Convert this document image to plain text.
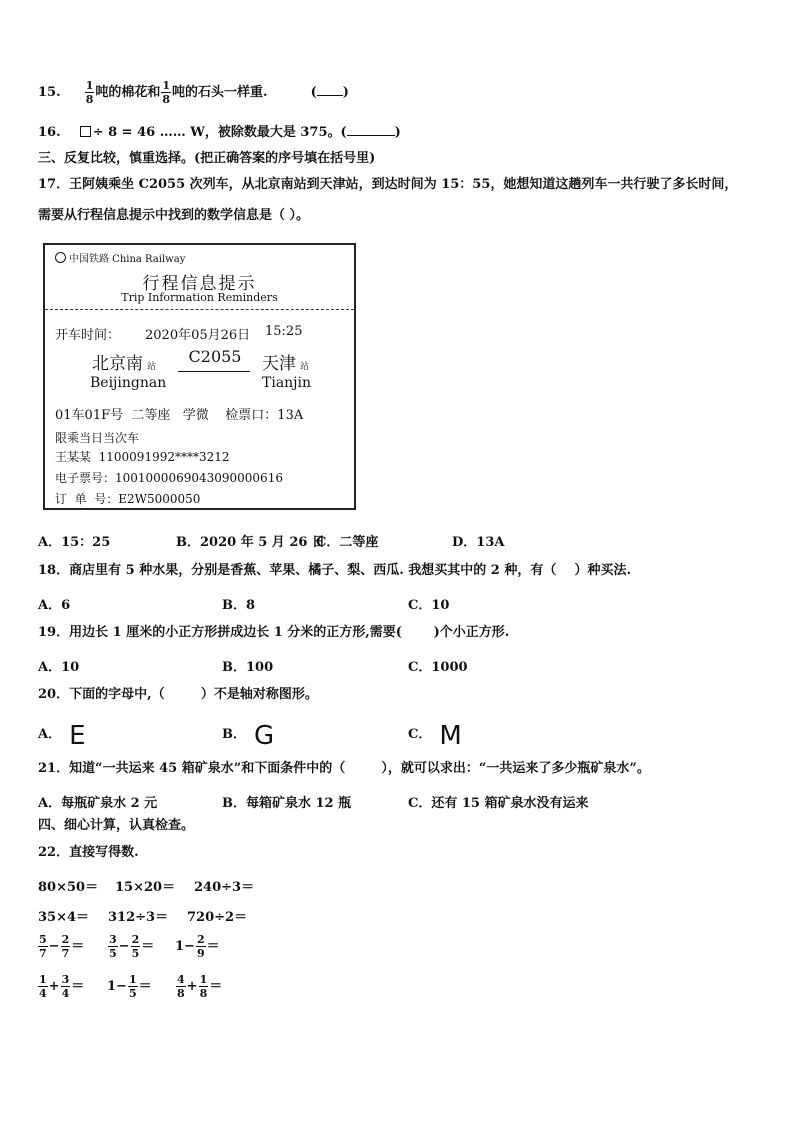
15. $\frac{1}{8}$ 吨的棉花和 $\frac{1}{8}$ 吨的石头一样重.	( )
16. ÷ 8 = 46 …… W，被除数最大是 375。(	)
三、反复比较，慎重选择。(把正确答案的序号填在括号里)
17．王阿姨乘坐 C2055 次列车，从北京南站到天津站，到达时间为 15：55，她想知道这趟列车一共行驶了多长时间，
需要从行程信息提示中找到的数学信息是（ ）。
中国铁路 China Railway
行程信息提示
Trip Information Reminders
开车时间： 2020年05月26日 15:25
北京南 站
C2055	天津 站
Beijingnan	Tianjin
01车01F号  二等座   学微    检票口：13A
限乘当日当次车
王某某  1100091992****3212
电子票号：1001000069043090000616
订  单  号：E2W5000050
A．15：25	B．2020 年 5 月 26 日
C．二等座	D．13A
18．商店里有 5 种水果，分别是香蕉、苹果、橘子、梨、西瓜. 我想买其中的 2 种，有（    ）种买法.
A．6	B．8	C．10
19．用边长 1 厘米的小正方形拼成边长 1 分米的正方形,需要(       )个小正方形.
A．10	B．100	C．1000
20．下面的字母中,（        ）不是轴对称图形。
A． E	B． G	C． M
21．知道“一共运来 45 箱矿泉水”和下面条件中的（        ），就可以求出：“一共运来了多少瓶矿泉水”。
A．每瓶矿泉水 2 元	B．每箱矿泉水 12 瓶	C．还有 15 箱矿泉水没有运来
四、细心计算，认真检查。
22．直接写得数.
80×50＝ 15×20＝ 240÷3＝
35×4＝ 312÷3＝ 720÷2＝
$\frac{5}{7} - \frac{2}{7} = \frac{3}{5} - \frac{2}{5} = 1- \frac{2}{9}$ ＝
$\frac{1}{4} + \frac{3}{4} = 1- \frac{1}{5} = \frac{4}{8} + \frac{1}{8}$ ＝
